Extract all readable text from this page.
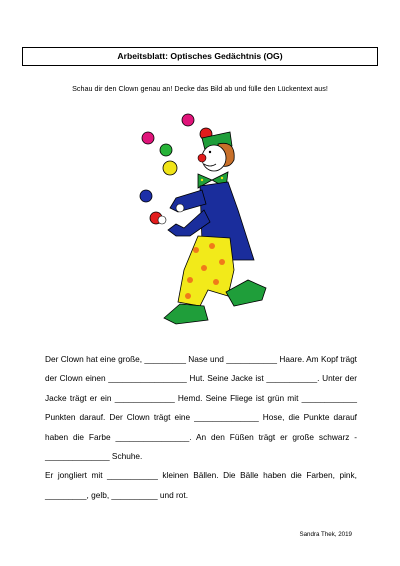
Arbeitsblatt: Optisches Gedächtnis (OG)
Schau dir den Clown genau an! Decke das Bild ab und fülle den Lückentext aus!

Der Clown hat eine große, _________ Nase und ___________ Haare. Am Kopf trägt der Clown einen _________________ Hut. Seine Jacke ist ___________. Unter der Jacke trägt er ein _____________ Hemd. Seine Fliege ist grün mit ____________ Punkten darauf. Der Clown trägt eine ______________ Hose, die Punkte darauf haben die Farbe ________________. An den Füßen trägt er große schwarz - ______________ Schuhe.

Er jongliert mit ___________ kleinen Bällen. Die Bälle haben die Farben, pink, _________, gelb, __________ und rot.

Sandra Thek, 2019
